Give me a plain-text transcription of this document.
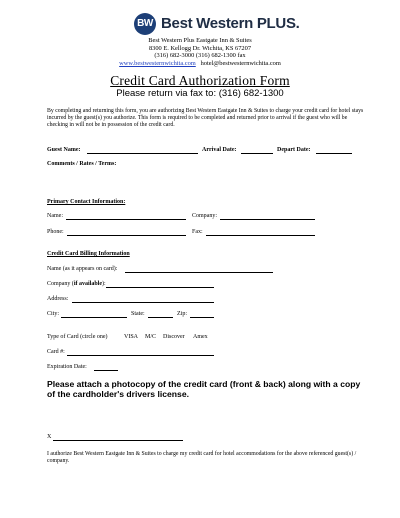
BW Best Western PLUS.
Best Western Plus Eastgate Inn & Suites
8300 E. Kellogg Dr. Wichita, KS 67207
(316) 682-3000 (316) 682-1300 fax
www.bestwesternwichita.com hotel@bestwesternwichita.com
Credit Card Authorization Form
Please return via fax to: (316) 682-1300
By completing and returning this form, you are authorizing Best Western Eastgate Inn & Suites to charge your credit card for hotel stays incurred by the guest(s) you authorize. This form is required to be completed and returned prior to arrival if the guest who will be checking in will not be in possession of the credit card.
Guest Name:	Arrival Date:	Depart Date:
Comments / Rates / Terms:
Primary Contact Information:
Name:	Company:
Phone:	Fax:
Credit Card Billing Information
Name (as it appears on card):
Company (if available):
Address:
City:	State:	Zip:
Type of Card (circle one)	VISA M/C Discover Amex
Card #:
Expiration Date:
Please attach a photocopy of the credit card (front & back) along with a copy of the cardholder's drivers license.
X
I authorize Best Western Eastgate Inn & Suites to charge my credit card for hotel accommodations for the above referenced guest(s) / company.
